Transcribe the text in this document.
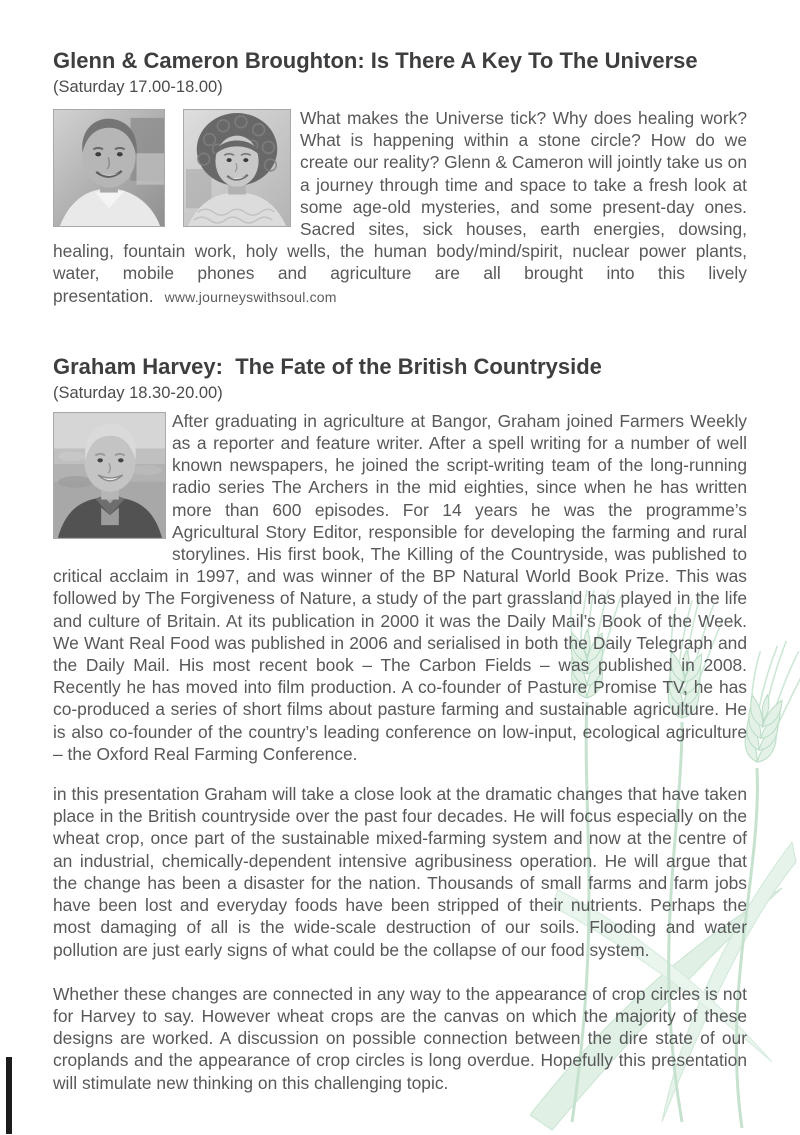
Glenn & Cameron Broughton: Is There A Key To The Universe
(Saturday 17.00-18.00)

What makes the Universe tick? Why does healing work? What is happening within a stone circle? How do we create our reality? Glenn & Cameron will jointly take us on a journey through time and space to take a fresh look at some age-old mysteries, and some present-day ones. Sacred sites, sick houses, earth energies, dowsing, healing, fountain work, holy wells, the human body/mind/spirit, nuclear power plants, water, mobile phones and agriculture are all brought into this lively presentation. www.journeyswithsoul.com

Graham Harvey:  The Fate of the British Countryside
(Saturday 18.30-20.00)

After graduating in agriculture at Bangor, Graham joined Farmers Weekly as a reporter and feature writer. After a spell writing for a number of well known newspapers, he joined the script-writing team of the long-running radio series The Archers in the mid eighties, since when he has written more than 600 episodes. For 14 years he was the programme’s Agricultural Story Editor, responsible for developing the farming and rural storylines. His first book, The Killing of the Countryside, was published to critical acclaim in 1997, and was winner of the BP Natural World Book Prize. This was followed by The Forgiveness of Nature, a study of the part grassland has played in the life and culture of Britain. At its publication in 2000 it was the Daily Mail’s Book of the Week. We Want Real Food was published in 2006 and serialised in both the Daily Telegraph and the Daily Mail. His most recent book – The Carbon Fields – was published in 2008. Recently he has moved into film production. A co-founder of Pasture Promise TV, he has co-produced a series of short films about pasture farming and sustainable agriculture. He is also co-founder of the country’s leading conference on low-input, ecological agriculture – the Oxford Real Farming Conference.

in this presentation Graham will take a close look at the dramatic changes that have taken place in the British countryside over the past four decades. He will focus especially on the wheat crop, once part of the sustainable mixed-farming system and now at the centre of an industrial, chemically-dependent intensive agribusiness operation. He will argue that the change has been a disaster for the nation. Thousands of small farms and farm jobs have been lost and everyday foods have been stripped of their nutrients. Perhaps the most damaging of all is the wide-scale destruction of our soils. Flooding and water pollution are just early signs of what could be the collapse of our food system.

Whether these changes are connected in any way to the appearance of crop circles is not for Harvey to say. However wheat crops are the canvas on which the majority of these designs are worked. A discussion on possible connection between the dire state of our croplands and the appearance of crop circles is long overdue. Hopefully this presentation will stimulate new thinking on this challenging topic.
